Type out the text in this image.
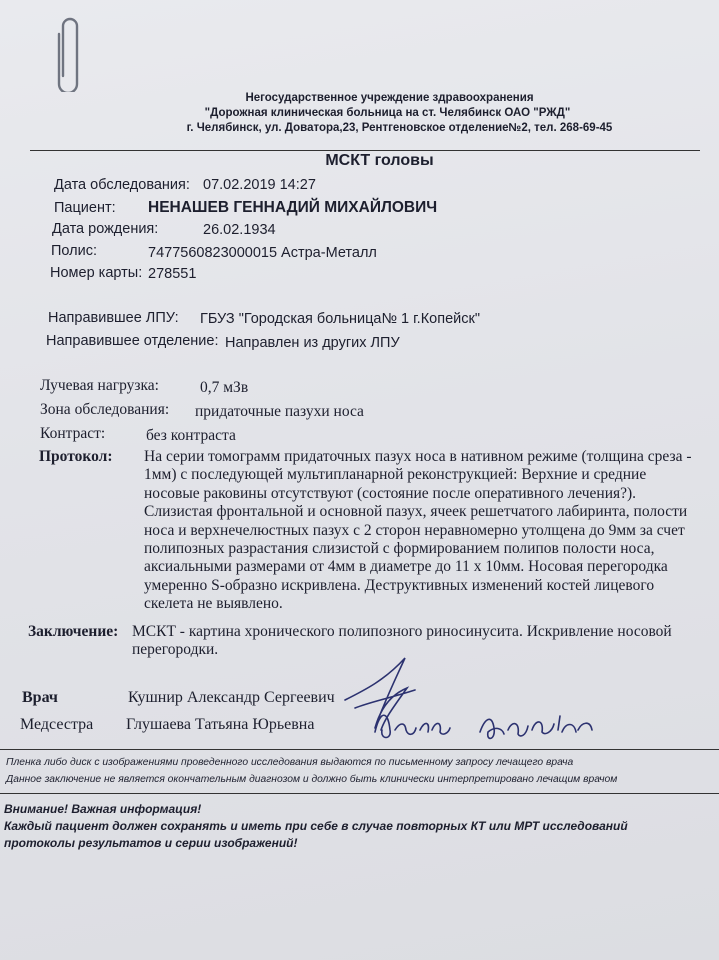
Негосударственное учреждение здравоохранения
"Дорожная клиническая больница на ст. Челябинск ОАО "РЖД"
г. Челябинск, ул. Доватора,23, Рентгеновское отделение№2, тел. 268-69-45
МСКТ головы
Дата обследования: 07.02.2019 14:27
Пациент: НЕНАШЕВ ГЕННАДИЙ МИХАЙЛОВИЧ
Дата рождения:	26.02.1934
Полис:	7477560823000015 Астра-Металл
Номер карты: 278551
Направившее ЛПУ: ГБУЗ "Городская больница№ 1 г.Копейск"
Направившее отделение: Направлен из других ЛПУ
Лучевая нагрузка:	0,7 мЗв
Зона обследования: придаточные пазухи носа
Контраст:	без контраста
Протокол: На серии томограмм придаточных пазух носа в нативном режиме (толщина среза - 1мм) с последующей мультипланарной реконструкцией: Верхние и средние носовые раковины отсутствуют (состояние после оперативного лечения?). Слизистая фронтальной и основной пазух, ячеек решетчатого лабиринта, полости носа и верхнечелюстных пазух с 2 сторон неравномерно утолщена до 9мм за счет полипозных разрастания слизистой с формированием полипов полости носа, аксиальными размерами от 4мм в диаметре до 11 х 10мм. Носовая перегородка умеренно S-образно искривлена. Деструктивных изменений костей лицевого скелета не выявлено.
Заключение: МСКТ - картина хронического полипозного риносинусита. Искривление носовой перегородки.
Врач	Кушнир Александр Сергеевич
Медсестра Глушаева Татьяна Юрьевна
Пленка либо диск с изображениями проведенного исследования выдаются по письменному запросу лечащего врача
Данное заключение не является окончательным диагнозом и должно быть клинически интерпретировано лечащим врачом
Внимание! Важная информация!
Каждый пациент должен сохранять и иметь при себе в случае повторных КТ или МРТ исследований
протоколы результатов и серии изображений!
